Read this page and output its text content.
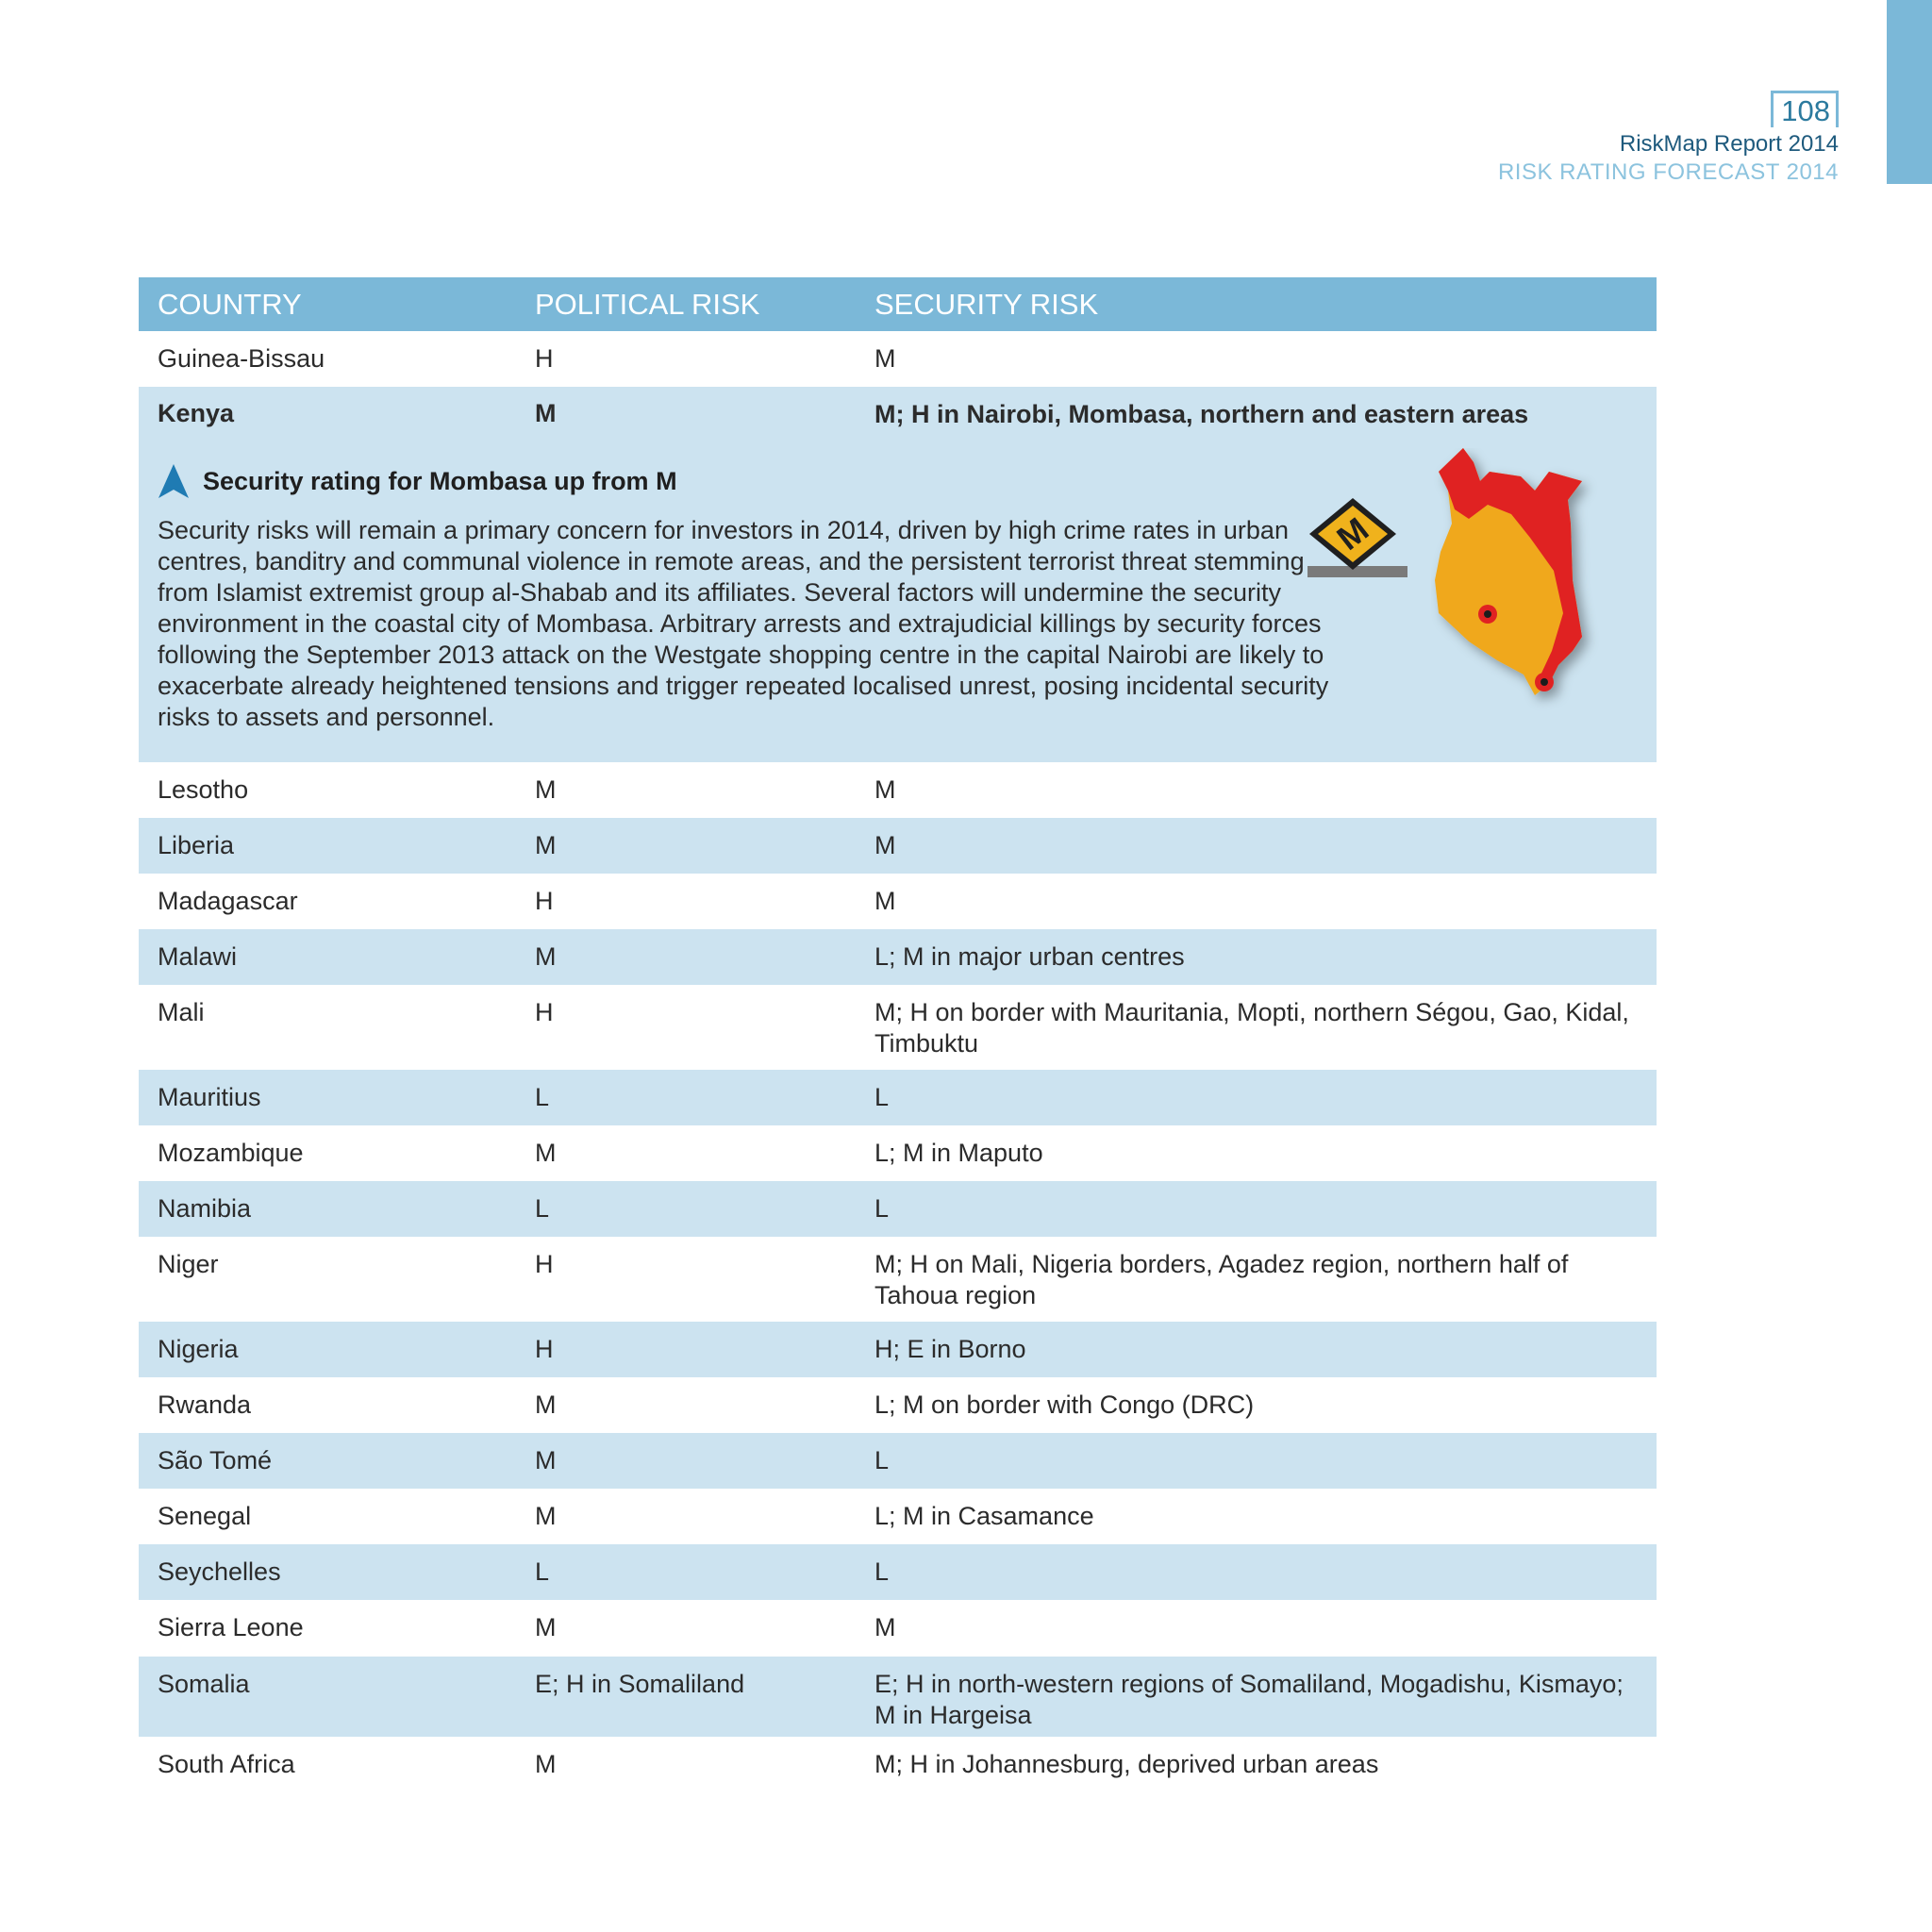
108
RiskMap Report 2014
RISK RATING FORECAST 2014
COUNTRY	POLITICAL RISK	SECURITY RISK
Guinea-Bissau	H	M
Kenya	M	M; H in Nairobi, Mombasa, northern and eastern areas
Security rating for Mombasa up from M
Security risks will remain a primary concern for investors in 2014, driven by high crime rates in urban centres, banditry and communal violence in remote areas, and the persistent terrorist threat stemming from Islamist extremist group al-Shabab and its affiliates. Several factors will undermine the security environment in the coastal city of Mombasa. Arbitrary arrests and extrajudicial killings by security forces following the September 2013 attack on the Westgate shopping centre in the capital Nairobi are likely to exacerbate already heightened tensions and trigger repeated localised unrest, posing incidental security risks to assets and personnel.
M
Lesotho	M	M
Liberia	M	M
Madagascar	H	M
Malawi	M	L; M in major urban centres
Mali	H	M; H on border with Mauritania, Mopti, northern Ségou, Gao, Kidal, Timbuktu
Mauritius	L	L
Mozambique	M	L; M in Maputo
Namibia	L	L
Niger	H	M; H on Mali, Nigeria borders, Agadez region, northern half of Tahoua region
Nigeria	H	H; E in Borno
Rwanda	M	L; M on border with Congo (DRC)
São Tomé	M	L
Senegal	M	L; M in Casamance
Seychelles	L	L
Sierra Leone	M	M
Somalia	E; H in Somaliland	E; H in north-western regions of Somaliland, Mogadishu, Kismayo; M in Hargeisa
South Africa	M	M; H in Johannesburg, deprived urban areas
